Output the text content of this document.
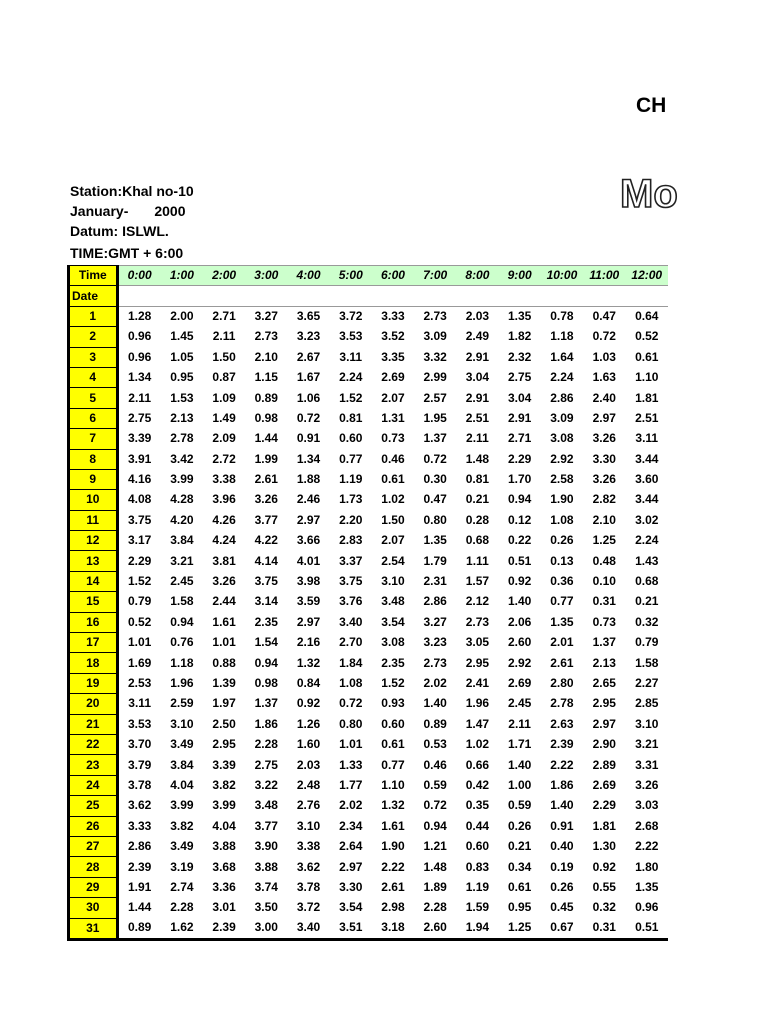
CH
Mo
Station:Khal no-10
January- 2000
Datum: ISLWL.
TIME:GMT + 6:00
Time	0:00	1:00	2:00	3:00	4:00	5:00	6:00	7:00	8:00	9:00	10:00	11:00	12:00
Date													
1	1.28	2.00	2.71	3.27	3.65	3.72	3.33	2.73	2.03	1.35	0.78	0.47	0.64
2	0.96	1.45	2.11	2.73	3.23	3.53	3.52	3.09	2.49	1.82	1.18	0.72	0.52
3	0.96	1.05	1.50	2.10	2.67	3.11	3.35	3.32	2.91	2.32	1.64	1.03	0.61
4	1.34	0.95	0.87	1.15	1.67	2.24	2.69	2.99	3.04	2.75	2.24	1.63	1.10
5	2.11	1.53	1.09	0.89	1.06	1.52	2.07	2.57	2.91	3.04	2.86	2.40	1.81
6	2.75	2.13	1.49	0.98	0.72	0.81	1.31	1.95	2.51	2.91	3.09	2.97	2.51
7	3.39	2.78	2.09	1.44	0.91	0.60	0.73	1.37	2.11	2.71	3.08	3.26	3.11
8	3.91	3.42	2.72	1.99	1.34	0.77	0.46	0.72	1.48	2.29	2.92	3.30	3.44
9	4.16	3.99	3.38	2.61	1.88	1.19	0.61	0.30	0.81	1.70	2.58	3.26	3.60
10	4.08	4.28	3.96	3.26	2.46	1.73	1.02	0.47	0.21	0.94	1.90	2.82	3.44
11	3.75	4.20	4.26	3.77	2.97	2.20	1.50	0.80	0.28	0.12	1.08	2.10	3.02
12	3.17	3.84	4.24	4.22	3.66	2.83	2.07	1.35	0.68	0.22	0.26	1.25	2.24
13	2.29	3.21	3.81	4.14	4.01	3.37	2.54	1.79	1.11	0.51	0.13	0.48	1.43
14	1.52	2.45	3.26	3.75	3.98	3.75	3.10	2.31	1.57	0.92	0.36	0.10	0.68
15	0.79	1.58	2.44	3.14	3.59	3.76	3.48	2.86	2.12	1.40	0.77	0.31	0.21
16	0.52	0.94	1.61	2.35	2.97	3.40	3.54	3.27	2.73	2.06	1.35	0.73	0.32
17	1.01	0.76	1.01	1.54	2.16	2.70	3.08	3.23	3.05	2.60	2.01	1.37	0.79
18	1.69	1.18	0.88	0.94	1.32	1.84	2.35	2.73	2.95	2.92	2.61	2.13	1.58
19	2.53	1.96	1.39	0.98	0.84	1.08	1.52	2.02	2.41	2.69	2.80	2.65	2.27
20	3.11	2.59	1.97	1.37	0.92	0.72	0.93	1.40	1.96	2.45	2.78	2.95	2.85
21	3.53	3.10	2.50	1.86	1.26	0.80	0.60	0.89	1.47	2.11	2.63	2.97	3.10
22	3.70	3.49	2.95	2.28	1.60	1.01	0.61	0.53	1.02	1.71	2.39	2.90	3.21
23	3.79	3.84	3.39	2.75	2.03	1.33	0.77	0.46	0.66	1.40	2.22	2.89	3.31
24	3.78	4.04	3.82	3.22	2.48	1.77	1.10	0.59	0.42	1.00	1.86	2.69	3.26
25	3.62	3.99	3.99	3.48	2.76	2.02	1.32	0.72	0.35	0.59	1.40	2.29	3.03
26	3.33	3.82	4.04	3.77	3.10	2.34	1.61	0.94	0.44	0.26	0.91	1.81	2.68
27	2.86	3.49	3.88	3.90	3.38	2.64	1.90	1.21	0.60	0.21	0.40	1.30	2.22
28	2.39	3.19	3.68	3.88	3.62	2.97	2.22	1.48	0.83	0.34	0.19	0.92	1.80
29	1.91	2.74	3.36	3.74	3.78	3.30	2.61	1.89	1.19	0.61	0.26	0.55	1.35
30	1.44	2.28	3.01	3.50	3.72	3.54	2.98	2.28	1.59	0.95	0.45	0.32	0.96
31	0.89	1.62	2.39	3.00	3.40	3.51	3.18	2.60	1.94	1.25	0.67	0.31	0.51
